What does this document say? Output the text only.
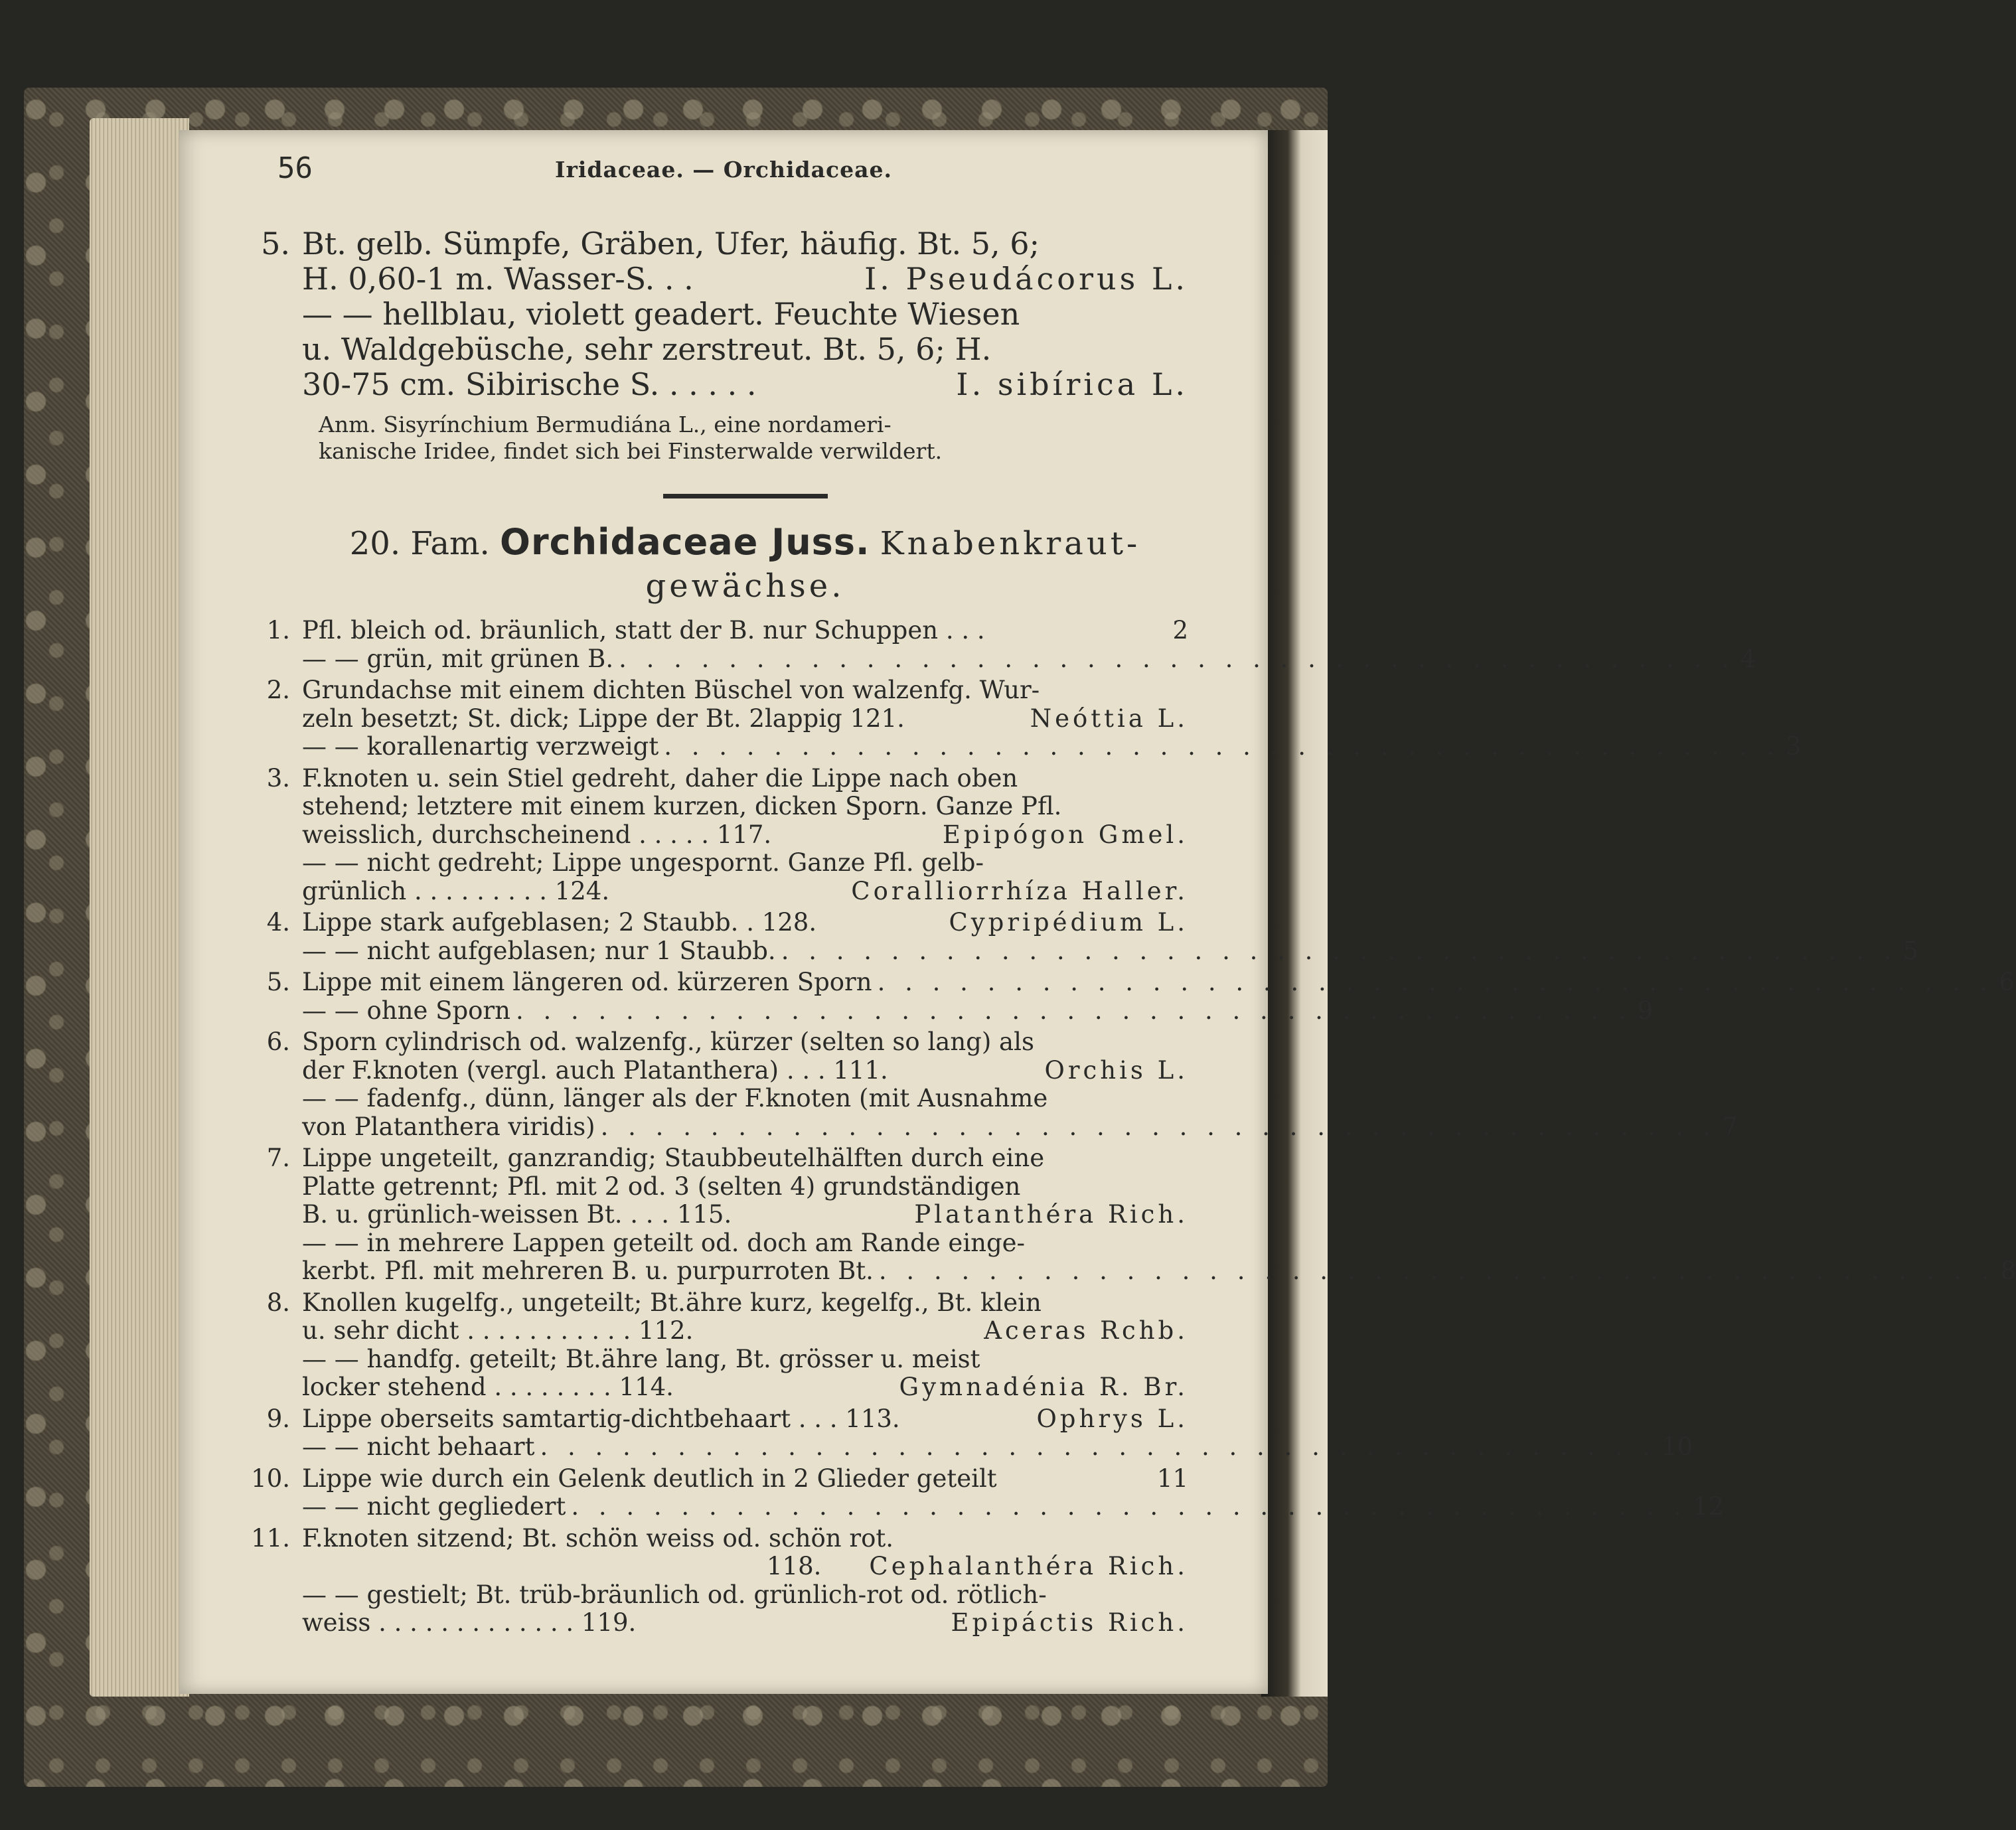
56	Iridaceae. — Orchidaceae.
5. Bt. gelb. Sümpfe, Gräben, Ufer, häufig. Bt. 5, 6;
H. 0,60-1 m. Wasser-S. . .	I. Pseudácorus L.
— — hellblau, violett geadert. Feuchte Wiesen
u. Waldgebüsche, sehr zerstreut. Bt. 5, 6; H.
30-75 cm. Sibirische S. . . . . .	I. sibírica L.
Anm. Sisyrínchium Bermudiána L., eine nordameri-
kanische Iridee, findet sich bei Finsterwalde verwildert.
20. Fam. Orchidaceae Juss. Knabenkraut-
gewächse.
1. Pfl. bleich od. bräunlich, statt der B. nur Schuppen . . .	2
— — grün, mit grünen B. . . . . . . . . . . . . . . . . . . . . . . . . . . . . . . . . . . . . . . . . . 4
2. Grundachse mit einem dichten Büschel von walzenfg. Wur-
zeln besetzt; St. dick; Lippe der Bt. 2lappig 121.	Neóttia L.
— — korallenartig verzweigt . . . . . . . . . . . . . . . . . . . . . . . . . . . . . . . . . . . . . . . . . 3
3. F.knoten u. sein Stiel gedreht, daher die Lippe nach oben
stehend; letztere mit einem kurzen, dicken Sporn. Ganze Pfl.
weisslich, durchscheinend . . . . . 117.	Epipógon Gmel.
— — nicht gedreht; Lippe ungespornt. Ganze Pfl. gelb-
grünlich . . . . . . . . . 124.	Coralliorrhíza Haller.
4. Lippe stark aufgeblasen; 2 Staubb. . 128.	Cypripédium L.
— — nicht aufgeblasen; nur 1 Staubb. . . . . . . . . . . . . . . . . . . . . . . . . . . . . . . . . . . . . . . . . . 5
5. Lippe mit einem längeren od. kürzeren Sporn . . . . . . . . . . . . . . . . . . . . . . . . . . . . . . . . . . . . . . . . . 6
— — ohne Sporn . . . . . . . . . . . . . . . . . . . . . . . . . . . . . . . . . . . . . . . . . 9
6. Sporn cylindrisch od. walzenfg., kürzer (selten so lang) als
der F.knoten (vergl. auch Platanthera) . . . 111.	Orchis L.
— — fadenfg., dünn, länger als der F.knoten (mit Ausnahme
von Platanthera viridis) . . . . . . . . . . . . . . . . . . . . . . . . . . . . . . . . . . . . . . . . . 7
7. Lippe ungeteilt, ganzrandig; Staubbeutelhälften durch eine
Platte getrennt; Pfl. mit 2 od. 3 (selten 4) grundständigen
B. u. grünlich-weissen Bt. . . . 115.	Platanthéra Rich.
— — in mehrere Lappen geteilt od. doch am Rande einge-
kerbt. Pfl. mit mehreren B. u. purpurroten Bt. . . . . . . . . . . . . . . . . . . . . . . . . . . . . . . . . . . . . . . . . . 8
8. Knollen kugelfg., ungeteilt; Bt.ähre kurz, kegelfg., Bt. klein
u. sehr dicht . . . . . . . . . . . 112.	Aceras Rchb.
— — handfg. geteilt; Bt.ähre lang, Bt. grösser u. meist
locker stehend . . . . . . . . 114.	Gymnadénia R. Br.
9. Lippe oberseits samtartig-dichtbehaart . . . 113.	Ophrys L.
— — nicht behaart . . . . . . . . . . . . . . . . . . . . . . . . . . . . . . . . . . . . . . . . . 10
10. Lippe wie durch ein Gelenk deutlich in 2 Glieder geteilt	11
— — nicht gegliedert . . . . . . . . . . . . . . . . . . . . . . . . . . . . . . . . . . . . . . . . . 12
11. F.knoten sitzend; Bt. schön weiss od. schön rot.
118. Cephalanthéra Rich.
— — gestielt; Bt. trüb-bräunlich od. grünlich-rot od. rötlich-
weiss . . . . . . . . . . . . . 119.	Epipáctis Rich.
